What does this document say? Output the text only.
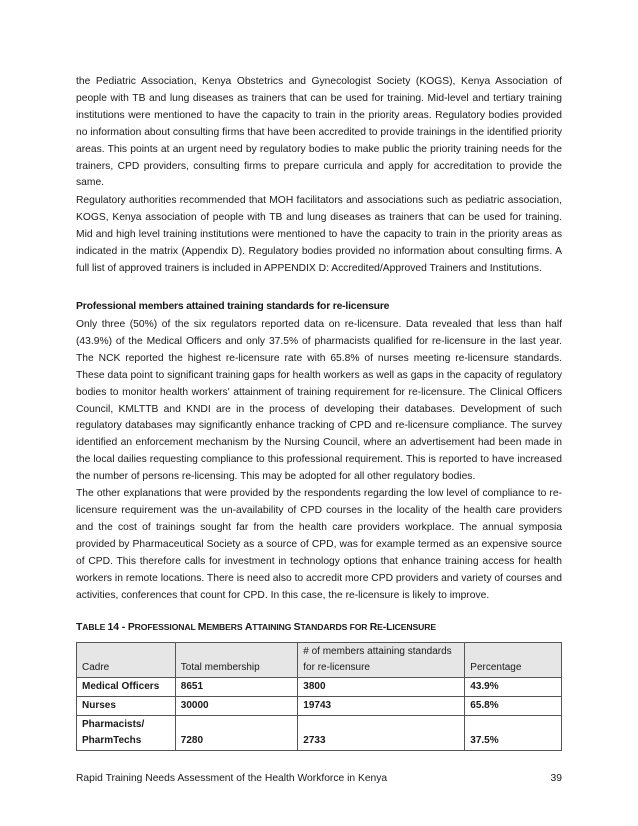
the Pediatric Association, Kenya Obstetrics and Gynecologist Society (KOGS), Kenya Association of people with TB and lung diseases as trainers that can be used for training. Mid-level and tertiary training institutions were mentioned to have the capacity to train in the priority areas. Regulatory bodies provided no information about consulting firms that have been accredited to provide trainings in the identified priority areas. This points at an urgent need by regulatory bodies to make public the priority training needs for the trainers, CPD providers, consulting firms to prepare curricula and apply for accreditation to provide the same.

Regulatory authorities recommended that MOH facilitators and associations such as pediatric association, KOGS, Kenya association of people with TB and lung diseases as trainers that can be used for training. Mid and high level training institutions were mentioned to have the capacity to train in the priority areas as indicated in the matrix (Appendix D). Regulatory bodies provided no information about consulting firms. A full list of approved trainers is included in APPENDIX D: Accredited/Approved Trainers and Institutions.

Professional members attained training standards for re-licensure

Only three (50%) of the six regulators reported data on re-licensure. Data revealed that less than half (43.9%) of the Medical Officers and only 37.5% of pharmacists qualified for re-licensure in the last year. The NCK reported the highest re-licensure rate with 65.8% of nurses meeting re-licensure standards. These data point to significant training gaps for health workers as well as gaps in the capacity of regulatory bodies to monitor health workers' attainment of training requirement for re-licensure. The Clinical Officers Council, KMLTTB and KNDI are in the process of developing their databases. Development of such regulatory databases may significantly enhance tracking of CPD and re-licensure compliance. The survey identified an enforcement mechanism by the Nursing Council, where an advertisement had been made in the local dailies requesting compliance to this professional requirement. This is reported to have increased the number of persons re-licensing. This may be adopted for all other regulatory bodies.
The other explanations that were provided by the respondents regarding the low level of compliance to re-licensure requirement was the un-availability of CPD courses in the locality of the health care providers and the cost of trainings sought far from the health care providers workplace. The annual symposia provided by Pharmaceutical Society as a source of CPD, was for example termed as an expensive source of CPD. This therefore calls for investment in technology options that enhance training access for health workers in remote locations. There is need also to accredit more CPD providers and variety of courses and activities, conferences that count for CPD. In this case, the re-licensure is likely to improve.

TABLE 14 - PROFESSIONAL MEMBERS ATTAINING STANDARDS FOR RE-LICENSURE
Cadre	Total membership	# of members attaining standards for re-licensure	Percentage
Medical Officers	8651	3800	43.9%
Nurses	30000	19743	65.8%
Pharmacists/ PharmTechs	7280	2733	37.5%
Rapid Training Needs Assessment of the Health Workforce in Kenya	39
